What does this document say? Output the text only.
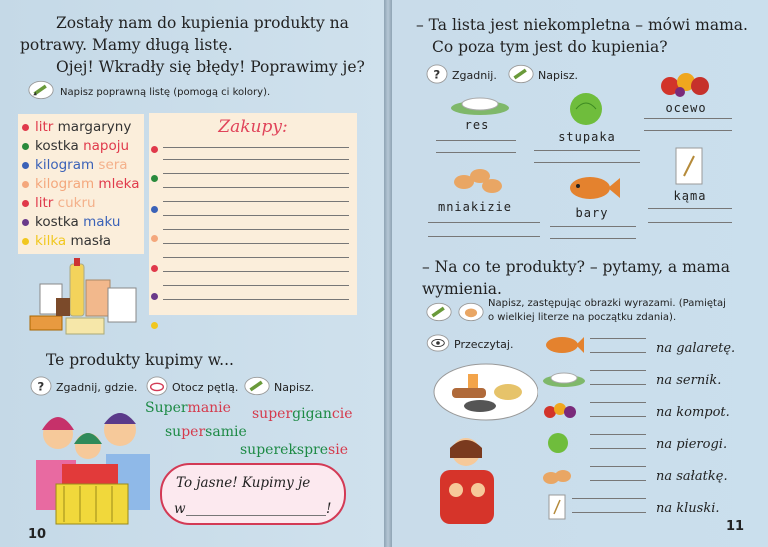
Zostały nam do kupienia produkty na
potrawy. Mamy długą listę.
Ojej! Wkradły się błędy! Poprawimy je?
Napisz poprawną listę (pomogą ci kolory).
litr
margaryny
kostka
napoju
kilogram
sera
kilogram
mleka
litr
cukru
kostka
maku
kilka
masła
Zakupy:
Te produkty kupimy w...
? Zgadnij, gdzie.	Otocz pętlą.	Napisz.
Supermanie supergigancie
supersamie
superekspresie
To jasne! Kupimy je
w	!
10
– Ta lista jest niekompletna – mówi mama.
Co poza tym jest do kupienia?
? Zgadnij.	Napisz.
res
stupaka
ocewo
mniakizie	bary
kąma
– Na co te produkty? – pytamy, a mama
wymienia.
Napisz, zastępując obrazki wyrazami. (Pamiętaj
o wielkiej literze na początku zdania).
Przeczytaj.	na galaretę.
na sernik.
na kompot.
na pierogi.
na sałatkę.
na kluski.
11
